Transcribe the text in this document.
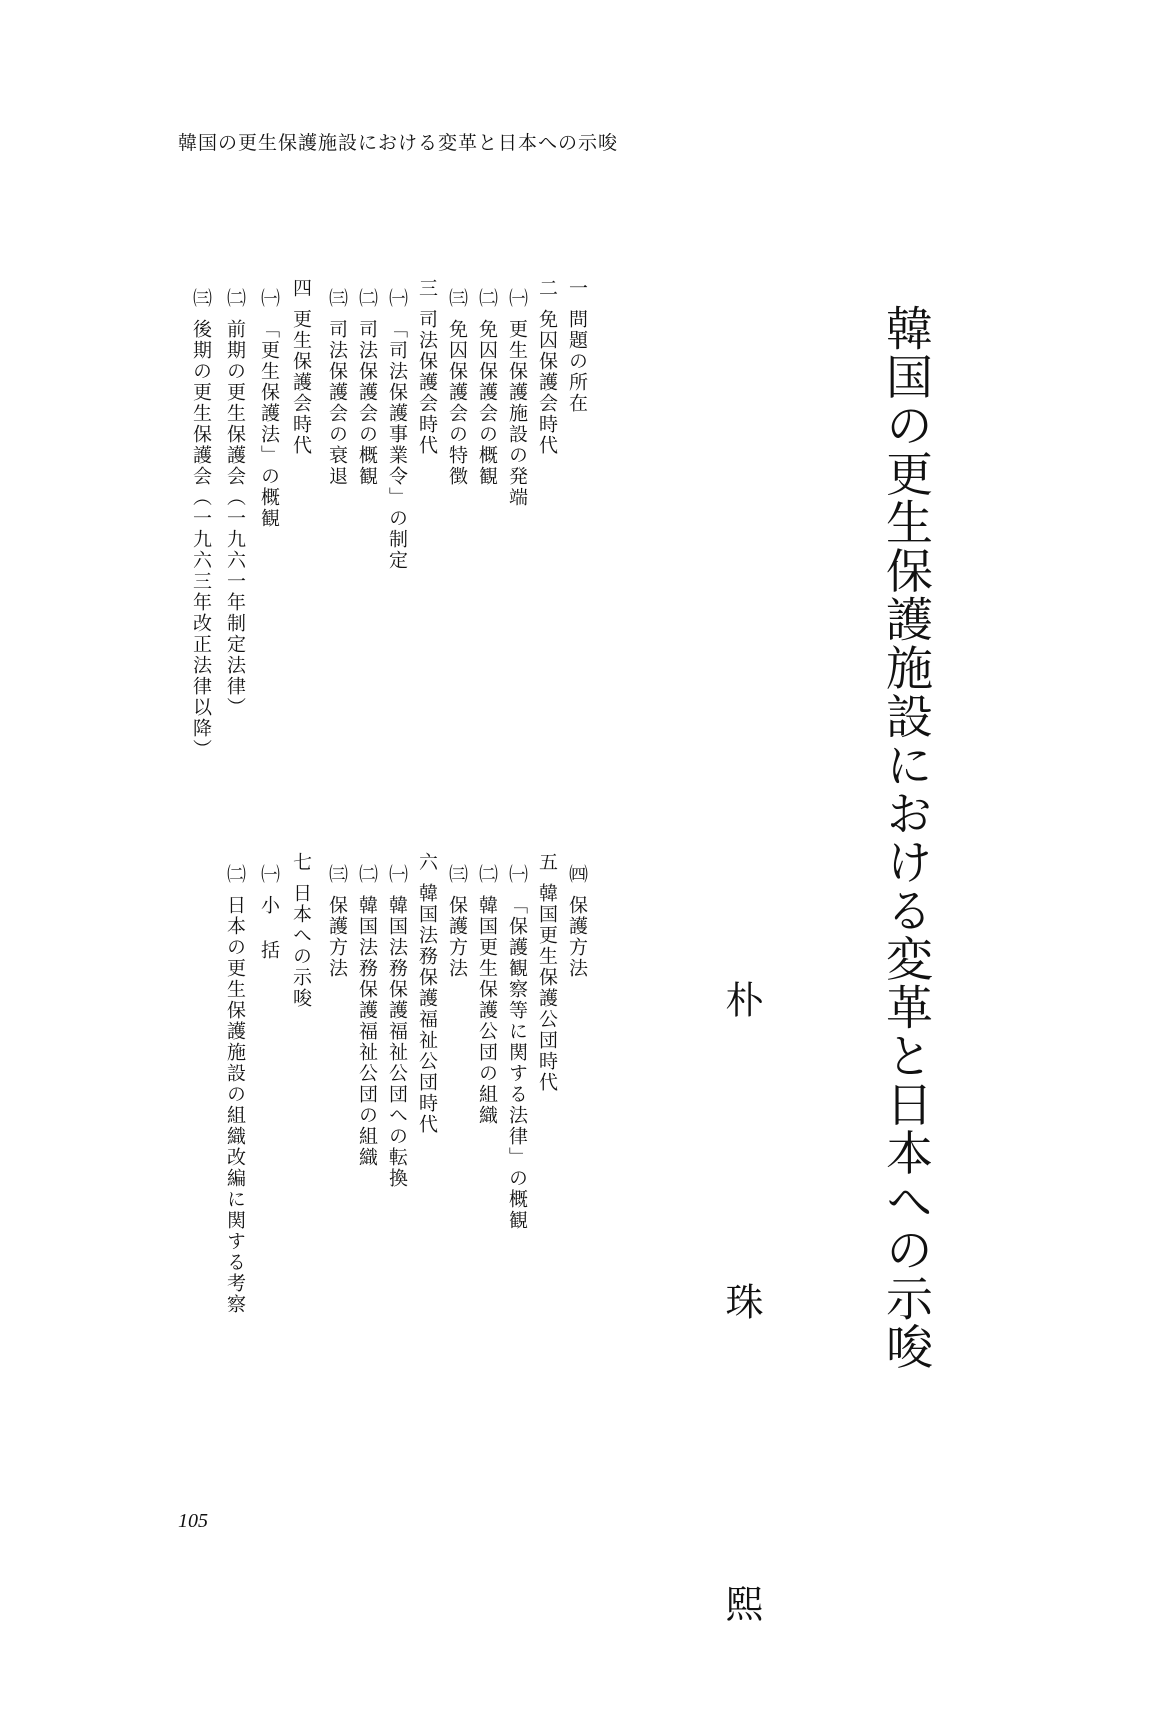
韓国の更生保護施設における変革と日本への示唆
韓国の更生保護施設における変革と日本への示唆
朴 珠 熙
一問題の所在
二免囚保護会時代
㈠更生保護施設の発端
㈡免囚保護会の概観
㈢免囚保護会の特徴
三司法保護会時代
㈠「司法保護事業令」の制定
㈡司法保護会の概観
㈢司法保護会の衰退
四更生保護会時代
㈠「更生保護法」の概観
㈡前期の更生保護会（一九六一年制定法律）
㈢後期の更生保護会（一九六三年改正法律以降）
㈣保護方法
五韓国更生保護公団時代
㈠「保護観察等に関する法律」の概観
㈡韓国更生保護公団の組織
㈢保護方法
六韓国法務保護福祉公団時代
㈠韓国法務保護福祉公団への転換
㈡韓国法務保護福祉公団の組織
㈢保護方法
七日本への示唆
㈠小 括
㈡日本の更生保護施設の組織改編に関する考察
105
